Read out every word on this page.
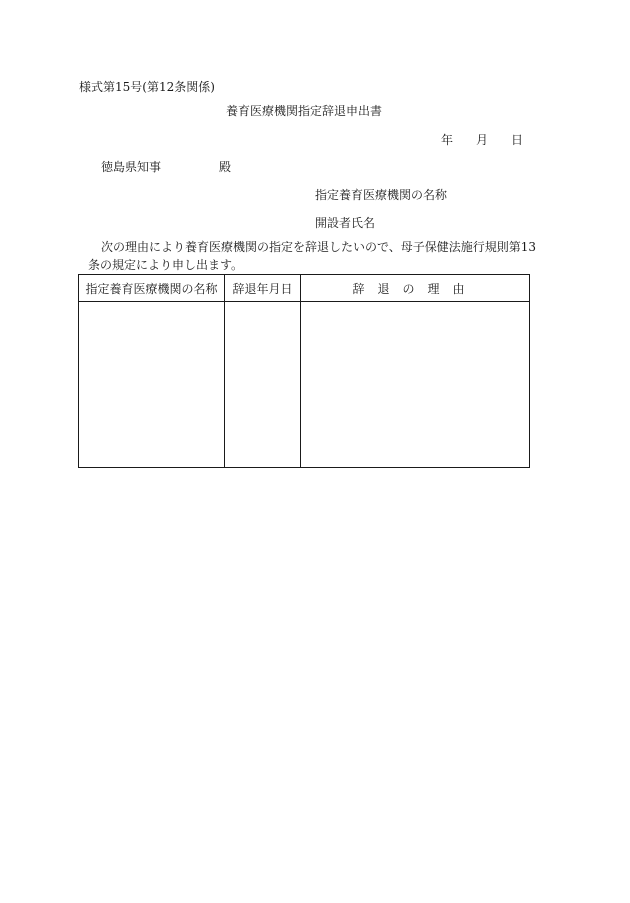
様式第15号(第12条関係)
養育医療機関指定辞退申出書
年 月 日
徳島県知事	殿
指定養育医療機関の名称
開設者氏名
次の理由により養育医療機関の指定を辞退したいので、母子保健法施行規則第13
条の規定により申し出ます。
指定養育医療機関の名称	辞退年月日	辞退の理由
